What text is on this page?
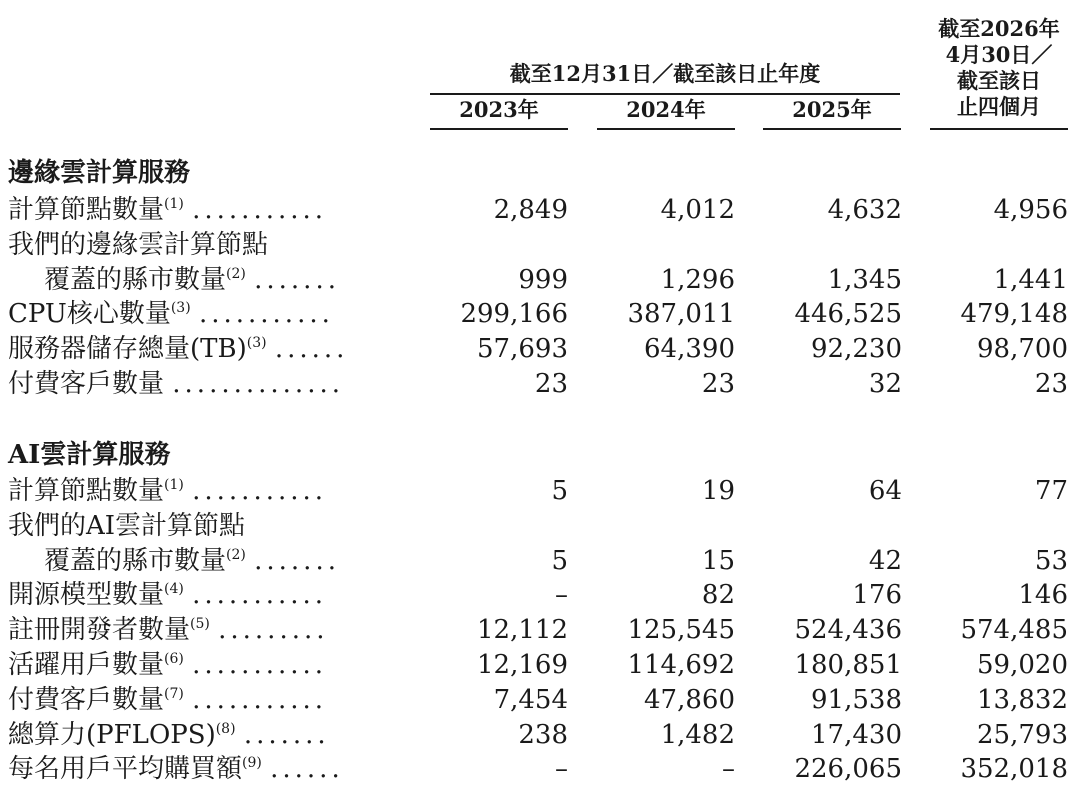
截至12月31日／截至該日止年度
2023年	2024年	2025年
截至2026年
4月30日／
截至該日
止四個月
邊緣雲計算服務
計算節點數量$^{(1)}$ ...........	2,849	4,012	4,632	4,956
我們的邊緣雲計算節點
覆蓋的縣市數量$^{(2)}$ .......	999	1,296	1,345	1,441
CPU核心數量$^{(3)}$ ...........	299,166	387,011	446,525	479,148
服務器儲存總量(TB)$^{(3)}$ ......	57,693	64,390	92,230	98,700
付費客戶數量 ..............	23	23	32	23
AI雲計算服務
計算節點數量$^{(1)}$ ...........	5	19	64	77
我們的AI雲計算節點
覆蓋的縣市數量$^{(2)}$ .......	5	15	42	53
開源模型數量$^{(4)}$ ...........	–	82	176	146
註冊開發者數量$^{(5)}$ .........	12,112	125,545	524,436	574,485
活躍用戶數量$^{(6)}$ ...........	12,169	114,692	180,851	59,020
付費客戶數量$^{(7)}$ ...........	7,454	47,860	91,538	13,832
總算力(PFLOPS)$^{(8)}$ .......	238	1,482	17,430	25,793
每名用戶平均購買額$^{(9)}$ ......	–	–	226,065	352,018
